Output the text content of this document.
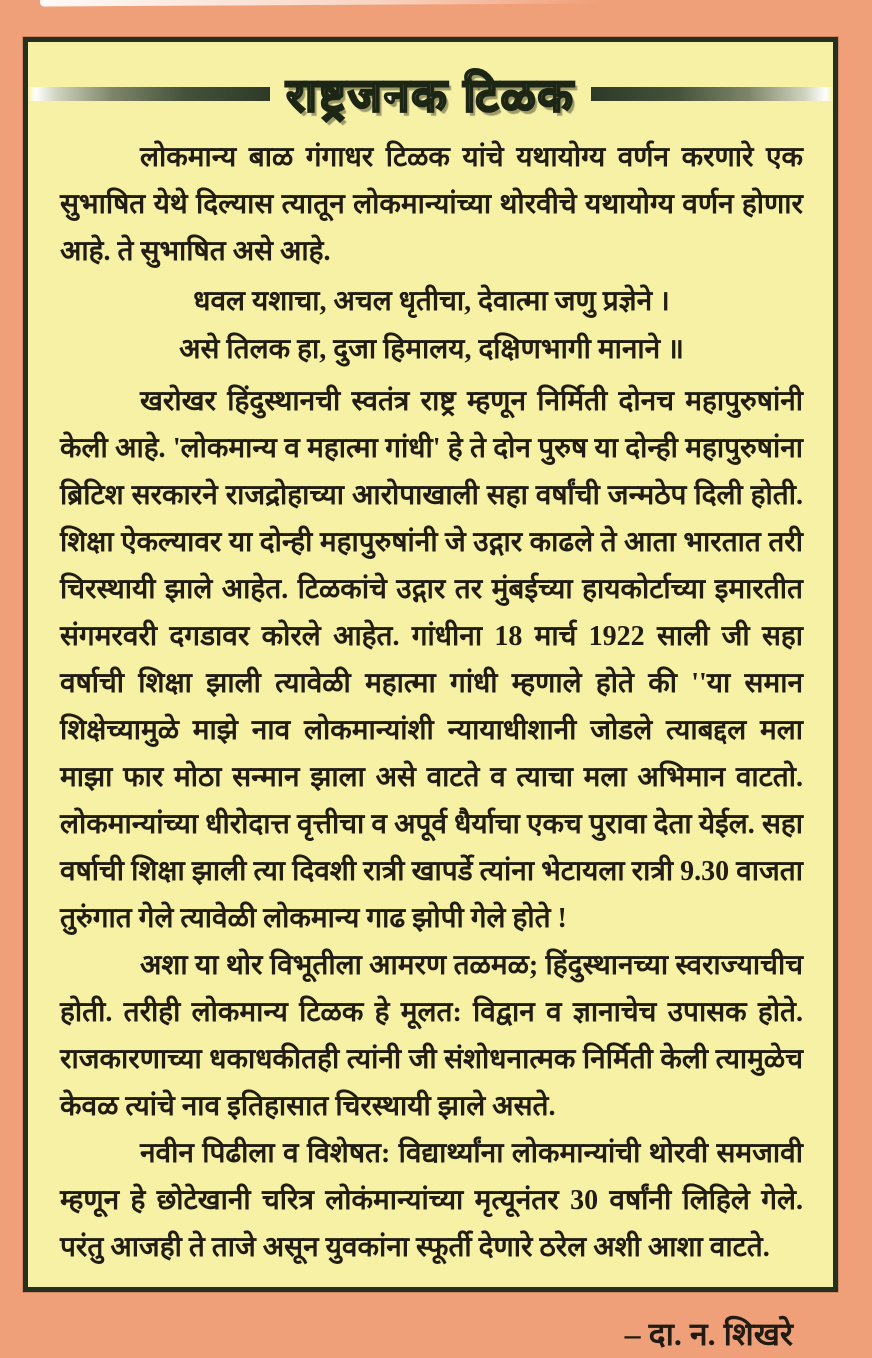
राष्ट्रजनक टिळक

लोकमान्य बाळ गंगाधर टिळक यांचे यथायोग्य वर्णन करणारे एक सुभाषित येथे दिल्यास त्यातून लोकमान्यांच्या थोरवीचे यथायोग्य वर्णन होणार आहे. ते सुभाषित असे आहे.

धवल यशाचा, अचल धृतीचा, देवात्मा जणु प्रज्ञेने ।
असे तिलक हा, दुजा हिमालय, दक्षिणभागी मानाने ॥

खरोखर हिंदुस्थानची स्वतंत्र राष्ट्र म्हणून निर्मिती दोनच महापुरुषांनी केली आहे. 'लोकमान्य व महात्मा गांधी' हे ते दोन पुरुष या दोन्ही महापुरुषांना ब्रिटिश सरकारने राजद्रोहाच्या आरोपाखाली सहा वर्षांची जन्मठेप दिली होती. शिक्षा ऐकल्यावर या दोन्ही महापुरुषांनी जे उद्गार काढले ते आता भारतात तरी चिरस्थायी झाले आहेत. टिळकांचे उद्गार तर मुंबईच्या हायकोर्टाच्या इमारतीत संगमरवरी दगडावर कोरले आहेत. गांधीना 18 मार्च 1922 साली जी सहा वर्षाची शिक्षा झाली त्यावेळी महात्मा गांधी म्हणाले होते की ''या समान शिक्षेच्यामुळे माझे नाव लोकमान्यांशी न्यायाधीशानी जोडले त्याबद्दल मला माझा फार मोठा सन्मान झाला असे वाटते व त्याचा मला अभिमान वाटतो. लोकमान्यांच्या धीरोदात्त वृत्तीचा व अपूर्व धैर्याचा एकच पुरावा देता येईल. सहा वर्षाची शिक्षा झाली त्या दिवशी रात्री खापर्डे त्यांना भेटायला रात्री 9.30 वाजता तुरुंगात गेले त्यावेळी लोकमान्य गाढ झोपी गेले होते !

अशा या थोर विभूतीला आमरण तळमळ; हिंदुस्थानच्या स्वराज्याचीच होती. तरीही लोकमान्य टिळक हे मूलत: विद्वान व ज्ञानाचेच उपासक होते. राजकारणाच्या धकाधकीतही त्यांनी जी संशोधनात्मक निर्मिती केली त्यामुळेच केवळ त्यांचे नाव इतिहासात चिरस्थायी झाले असते.

नवीन पिढीला व विशेषत: विद्यार्थ्यांना लोकमान्यांची थोरवी समजावी म्हणून हे छोटेखानी चरित्र लोकंमान्यांच्या मृत्यूनंतर 30 वर्षांनी लिहिले गेले. परंतु आजही ते ताजे असून युवकांना स्फूर्ती देणारे ठरेल अशी आशा वाटते.

– दा. न. शिखरे
